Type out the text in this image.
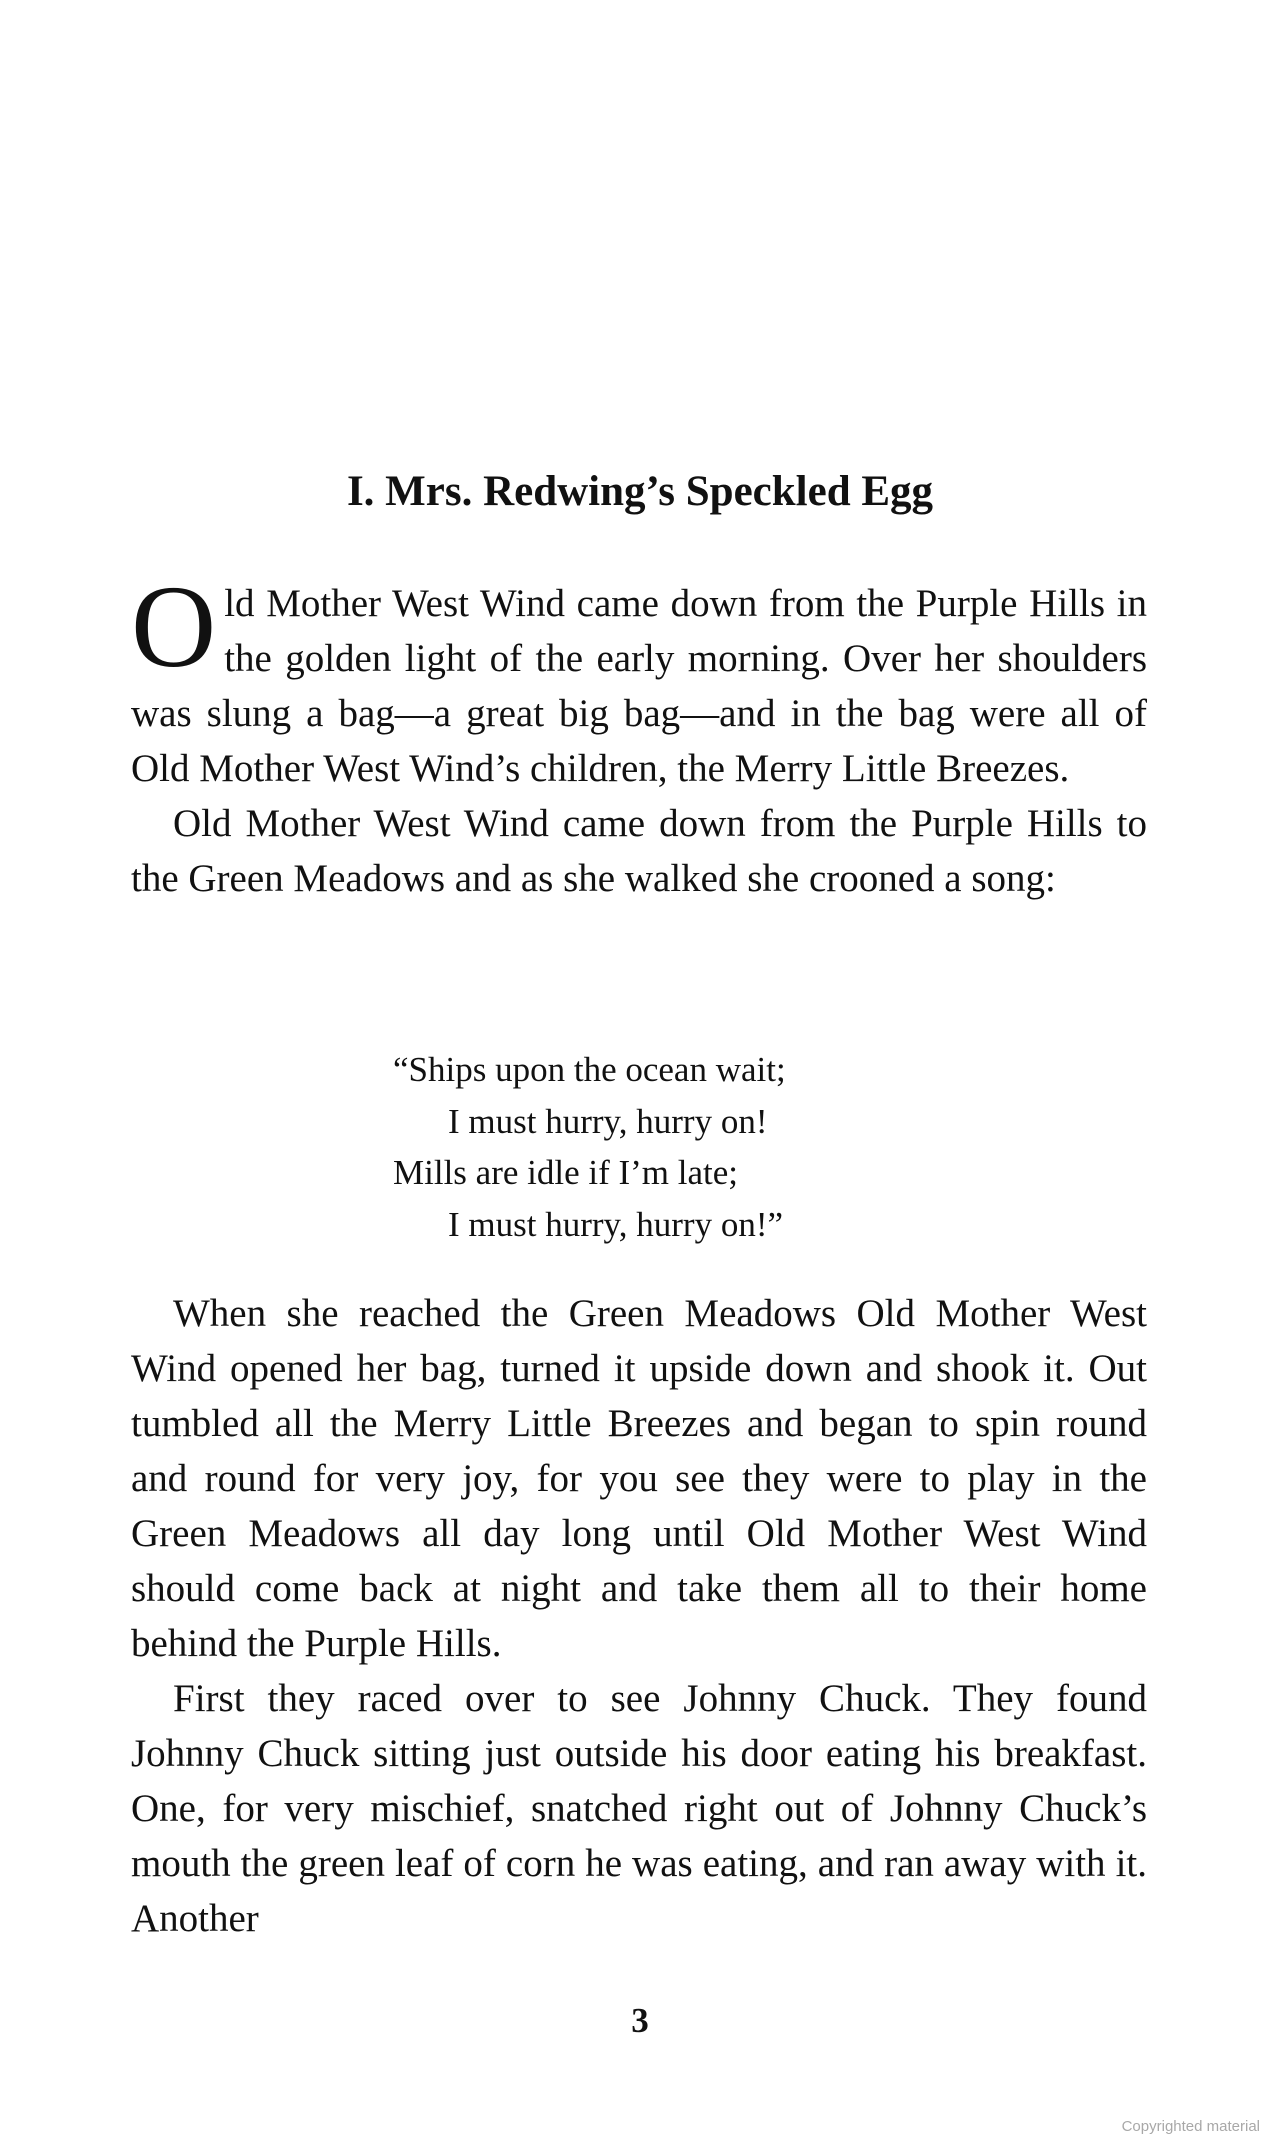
I. Mrs. Redwing’s Speckled Egg

Old Mother West Wind came down from the Purple Hills in the golden light of the early morning. Over her shoulders was slung a bag—a great big bag—and in the bag were all of Old Mother West Wind’s children, the Merry Little Breezes.

Old Mother West Wind came down from the Purple Hills to the Green Meadows and as she walked she crooned a song:

“Ships upon the ocean wait;
I must hurry, hurry on!
Mills are idle if I’m late;
I must hurry, hurry on!”

When she reached the Green Meadows Old Mother West Wind opened her bag, turned it upside down and shook it. Out tumbled all the Merry Little Breezes and began to spin round and round for very joy, for you see they were to play in the Green Meadows all day long until Old Mother West Wind should come back at night and take them all to their home behind the Purple Hills.

First they raced over to see Johnny Chuck. They found Johnny Chuck sitting just outside his door eating his breakfast. One, for very mischief, snatched right out of Johnny Chuck’s mouth the green leaf of corn he was eating, and ran away with it. Another

3
Copyrighted material
